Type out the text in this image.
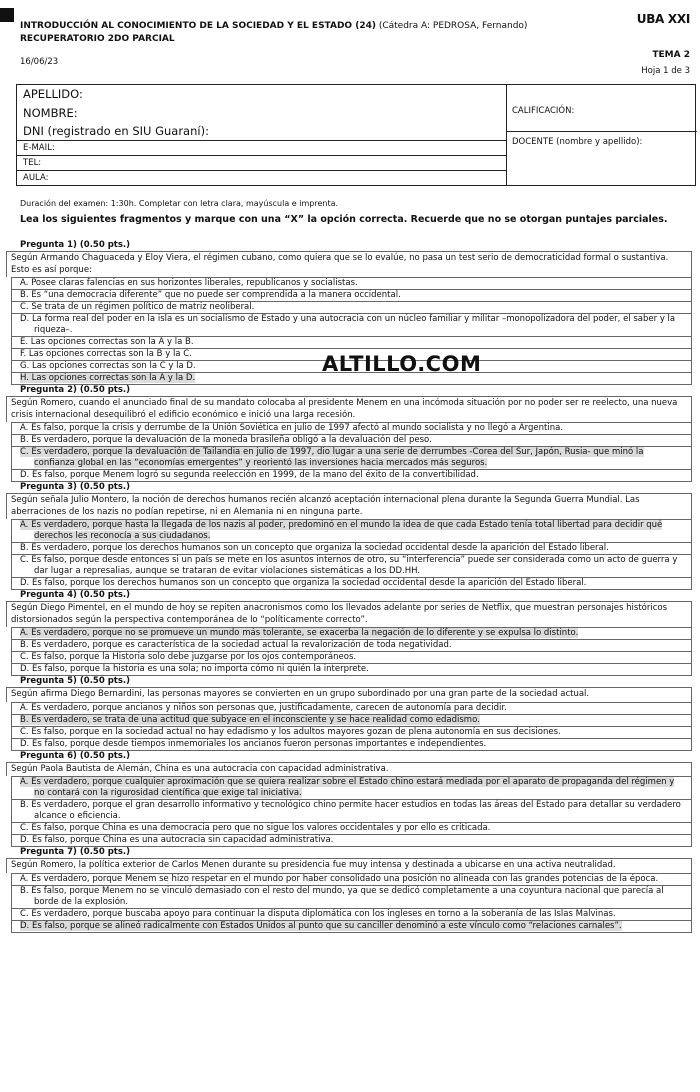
INTRODUCCIÓN AL CONOCIMIENTO DE LA SOCIEDAD Y EL ESTADO (24) (Cátedra A: PEDROSA, Fernando)
RECUPERATORIO 2DO PARCIAL
UBA XXI
16/06/23
TEMA 2
Hoja 1 de 3
APELLIDO:
NOMBRE:
DNI (registrado en SIU Guaraní):
E-MAIL:
TEL:
AULA:
CALIFICACIÓN:
DOCENTE (nombre y apellido):
Duración del examen: 1:30h. Completar con letra clara, mayúscula e imprenta.
Lea los siguientes fragmentos y marque con una “X” la opción correcta. Recuerde que no se otorgan puntajes parciales.
Pregunta 1) (0.50 pts.)
Según Armando Chaguaceda y Eloy Viera, el régimen cubano, como quiera que se lo evalúe, no pasa un test serio de democraticidad formal o sustantiva. Esto es así porque:
A. Posee claras falencias en sus horizontes liberales, republicanos y socialistas.
B. Es “una democracia diferente” que no puede ser comprendida a la manera occidental.
C. Se trata de un régimen político de matriz neoliberal.
D. La forma real del poder en la isla es un socialismo de Estado y una autocracia con un núcleo familiar y militar –monopolizadora del poder, el saber y la riqueza–.
E. Las opciones correctas son la A y la B.
F. Las opciones correctas son la B y la C.
G. Las opciones correctas son la C y la D.
H. Las opciones correctas son la A y la D.
Pregunta 2) (0.50 pts.)
Según Romero, cuando el anunciado final de su mandato colocaba al presidente Menem en una incómoda situación por no poder ser re reelecto, una nueva crisis internacional desequilibró el edificio económico e inició una larga recesión.
A. Es falso, porque la crisis y derrumbe de la Unión Soviética en julio de 1997 afectó al mundo socialista y no llegó a Argentina.
B. Es verdadero, porque la devaluación de la moneda brasileña obligó a la devaluación del peso.
C. Es verdadero, porque la devaluación de Tailandia en julio de 1997, dio lugar a una serie de derrumbes -Corea del Sur, Japón, Rusia- que minó la confianza global en las “economías emergentes” y reorientó las inversiones hacia mercados más seguros.
D. Es falso, porque Menem logró su segunda reelección en 1999, de la mano del éxito de la convertibilidad.
Pregunta 3) (0.50 pts.)
Según señala Julio Montero, la noción de derechos humanos recién alcanzó aceptación internacional plena durante la Segunda Guerra Mundial. Las aberraciones de los nazis no podían repetirse, ni en Alemania ni en ninguna parte.
A. Es verdadero, porque hasta la llegada de los nazis al poder, predominó en el mundo la idea de que cada Estado tenía total libertad para decidir qué derechos les reconocía a sus ciudadanos.
B. Es verdadero, porque los derechos humanos son un concepto que organiza la sociedad occidental desde la aparición del Estado liberal.
C. Es falso, porque desde entonces si un país se mete en los asuntos internos de otro, su “interferencia” puede ser considerada como un acto de guerra y dar lugar a represalias, aunque se trataran de evitar violaciones sistemáticas a los DD.HH.
D. Es falso, porque los derechos humanos son un concepto que organiza la sociedad occidental desde la aparición del Estado liberal.
Pregunta 4) (0.50 pts.)
Según Diego Pimentel, en el mundo de hoy se repiten anacronismos como los llevados adelante por series de Netflix, que muestran personajes históricos distorsionados según la perspectiva contemporánea de lo “políticamente correcto”.
A. Es verdadero, porque no se promueve un mundo más tolerante, se exacerba la negación de lo diferente y se expulsa lo distinto.
B. Es verdadero, porque es característica de la sociedad actual la revalorización de toda negatividad.
C. Es falso, porque la Historia solo debe juzgarse por los ojos contemporáneos.
D. Es falso, porque la historia es una sola; no importa cómo ni quién la interprete.
Pregunta 5) (0.50 pts.)
Según afirma Diego Bernardini, las personas mayores se convierten en un grupo subordinado por una gran parte de la sociedad actual.
A. Es verdadero, porque ancianos y niños son personas que, justificadamente, carecen de autonomía para decidir.
B. Es verdadero, se trata de una actitud que subyace en el inconsciente y se hace realidad como edadismo.
C. Es falso, porque en la sociedad actual no hay edadismo y los adultos mayores gozan de plena autonomía en sus decisiones.
D. Es falso, porque desde tiempos inmemoriales los ancianos fueron personas importantes e independientes.
Pregunta 6) (0.50 pts.)
Según Paola Bautista de Alemán, China es una autocracia con capacidad administrativa.
A. Es verdadero, porque cualquier aproximación que se quiera realizar sobre el Estado chino estará mediada por el aparato de propaganda del régimen y no contará con la rigurosidad científica que exige tal iniciativa.
B. Es verdadero, porque el gran desarrollo informativo y tecnológico chino permite hacer estudios en todas las áreas del Estado para detallar su verdadero alcance o eficiencia.
C. Es falso, porque China es una democracia pero que no sigue los valores occidentales y por ello es criticada.
D. Es falso, porque China es una autocracia sin capacidad administrativa.
Pregunta 7) (0.50 pts.)
Según Romero, la política exterior de Carlos Menen durante su presidencia fue muy intensa y destinada a ubicarse en una activa neutralidad.
A. Es verdadero, porque Menem se hizo respetar en el mundo por haber consolidado una posición no alineada con las grandes potencias de la época.
B. Es falso, porque Menem no se vinculó demasiado con el resto del mundo, ya que se dedicó completamente a una coyuntura nacional que parecía al borde de la explosión.
C. Es verdadero, porque buscaba apoyo para continuar la disputa diplomática con los ingleses en torno a la soberanía de las Islas Malvinas.
D. Es falso, porque se alineó radicalmente con Estados Unidos al punto que su canciller denominó a este vínculo como “relaciones carnales”.
ALTILLO.COM
